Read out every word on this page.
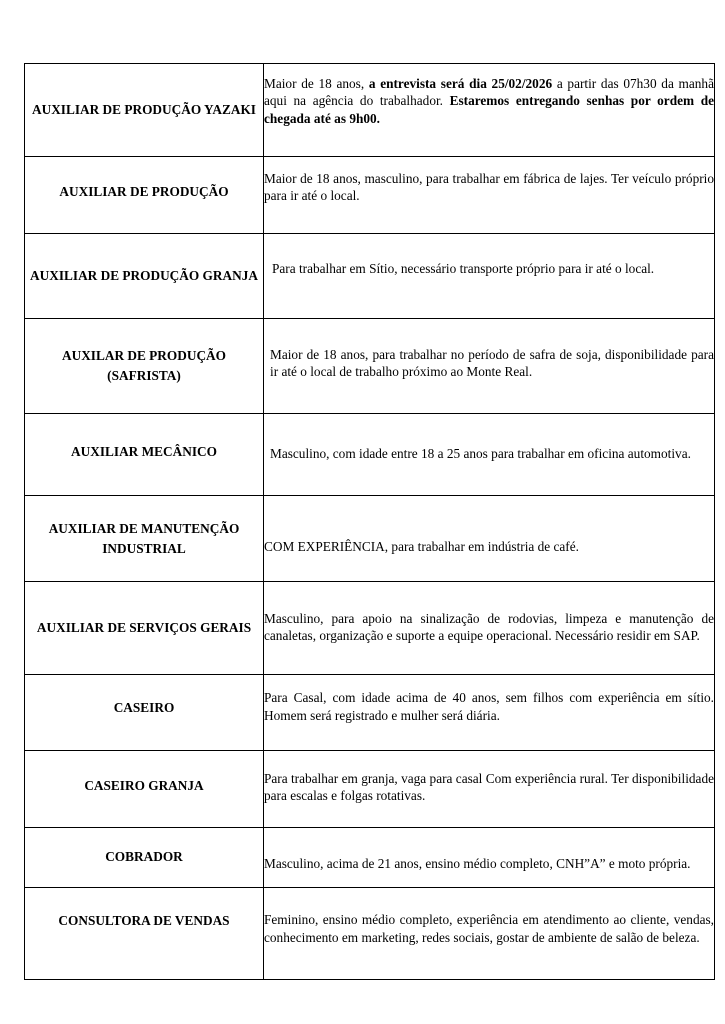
AUXILIAR DE PRODUÇÃO YAZAKI	Maior de 18 anos, a entrevista será dia 25/02/2026 a partir das 07h30 da manhã aqui na agência do trabalhador. Estaremos entregando senhas por ordem de chegada até as 9h00.

AUXILIAR DE PRODUÇÃO	Maior de 18 anos, masculino, para trabalhar em fábrica de lajes. Ter veículo próprio para ir até o local.

AUXILIAR DE PRODUÇÃO GRANJA	Para trabalhar em Sítio, necessário transporte próprio para ir até o local.

AUXILAR DE PRODUÇÃO (SAFRISTA)	Maior de 18 anos, para trabalhar no período de safra de soja, disponibilidade para ir até o local de trabalho próximo ao Monte Real.

AUXILIAR MECÂNICO	Masculino, com idade entre 18 a 25 anos para trabalhar em oficina automotiva.

AUXILIAR DE MANUTENÇÃO INDUSTRIAL	COM EXPERIÊNCIA, para trabalhar em indústria de café.

AUXILIAR DE SERVIÇOS GERAIS	Masculino, para apoio na sinalização de rodovias, limpeza e manutenção de canaletas, organização e suporte a equipe operacional. Necessário residir em SAP.

CASEIRO	Para Casal, com idade acima de 40 anos, sem filhos com experiência em sítio. Homem será registrado e mulher será diária.

CASEIRO GRANJA	Para trabalhar em granja, vaga para casal Com experiência rural. Ter disponibilidade para escalas e folgas rotativas.

COBRADOR	Masculino, acima de 21 anos, ensino médio completo, CNH”A” e moto própria.

CONSULTORA DE VENDAS	Feminino, ensino médio completo, experiência em atendimento ao cliente, vendas, conhecimento em marketing, redes sociais, gostar de ambiente de salão de beleza.
